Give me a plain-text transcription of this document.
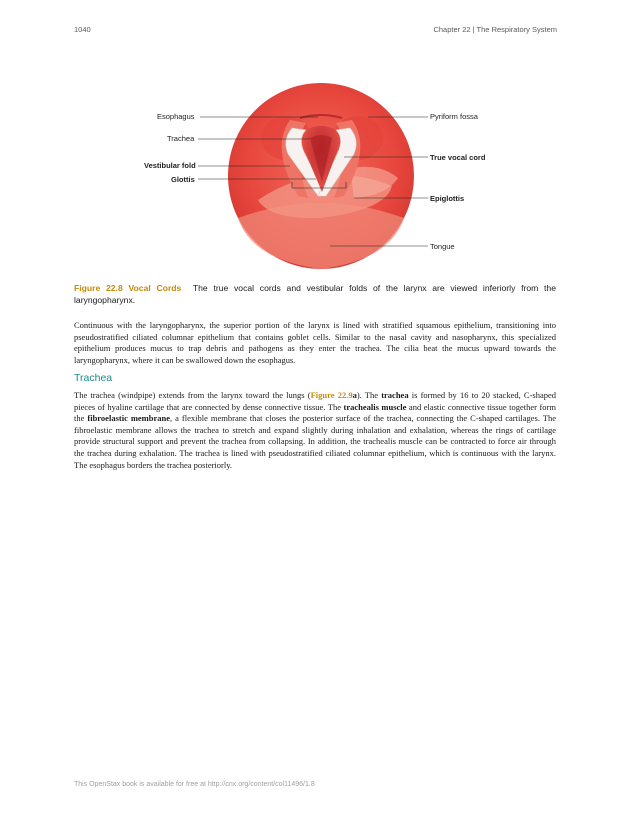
1040	Chapter 22 | The Respiratory System
Esophagus
Trachea
Vestibular fold
Glottis
Pyriform fossa
True vocal cord
Epiglottis
Tongue
Figure 22.8 Vocal Cords The true vocal cords and vestibular folds of the larynx are viewed inferiorly from the laryngopharynx.
Continuous with the laryngopharynx, the superior portion of the larynx is lined with stratified squamous epithelium, transitioning into pseudostratified ciliated columnar epithelium that contains goblet cells. Similar to the nasal cavity and nasopharynx, this specialized epithelium produces mucus to trap debris and pathogens as they enter the trachea. The cilia beat the mucus upward towards the laryngopharynx, where it can be swallowed down the esophagus.
Trachea
The trachea (windpipe) extends from the larynx toward the lungs (Figure 22.9a). The trachea is formed by 16 to 20 stacked, C-shaped pieces of hyaline cartilage that are connected by dense connective tissue. The trachealis muscle and elastic connective tissue together form the fibroelastic membrane, a flexible membrane that closes the posterior surface of the trachea, connecting the C-shaped cartilages. The fibroelastic membrane allows the trachea to stretch and expand slightly during inhalation and exhalation, whereas the rings of cartilage provide structural support and prevent the trachea from collapsing. In addition, the trachealis muscle can be contracted to force air through the trachea during exhalation. The trachea is lined with pseudostratified ciliated columnar epithelium, which is continuous with the larynx. The esophagus borders the trachea posteriorly.
This OpenStax book is available for free at http://cnx.org/content/col11496/1.8
